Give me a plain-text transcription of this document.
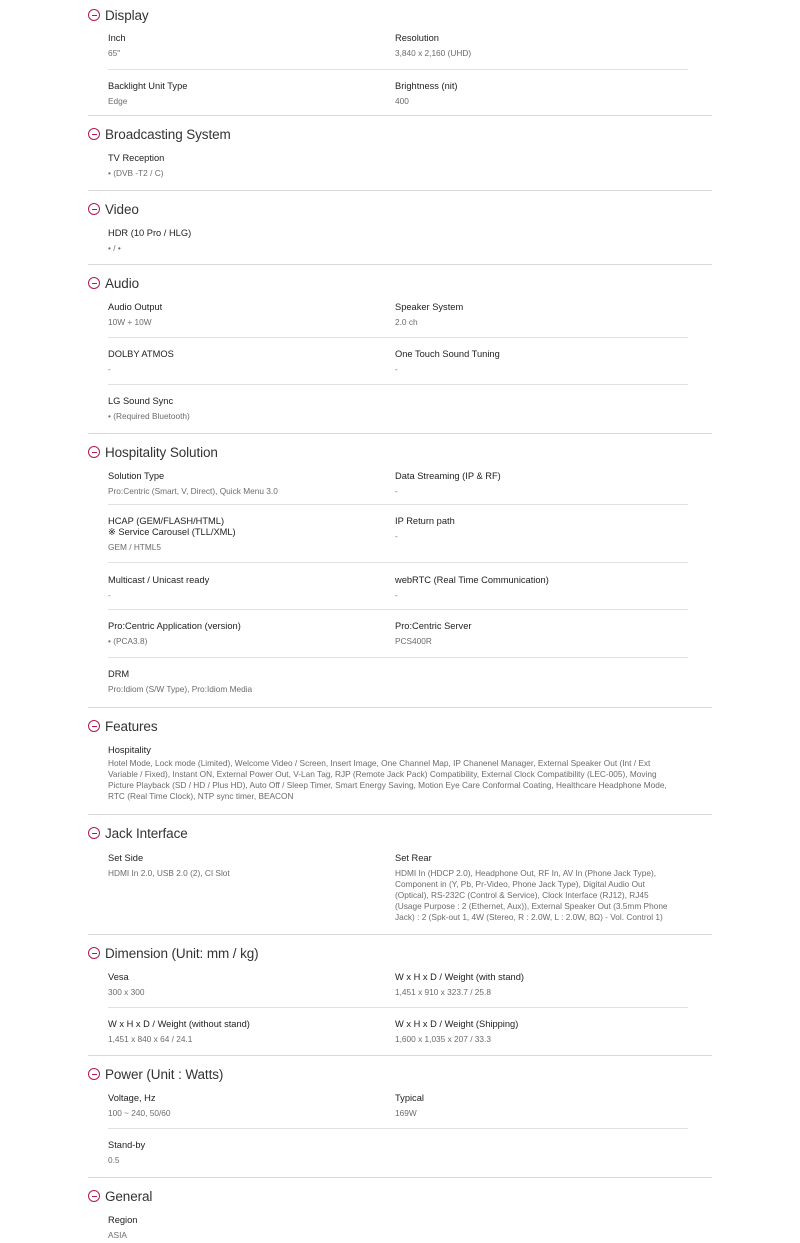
Display
Inch
65"
Resolution
3,840 x 2,160 (UHD)
Backlight Unit Type
Edge
Brightness (nit)
400
Broadcasting System
TV Reception
• (DVB -T2 / C)
Video
HDR (10 Pro / HLG)
• / •
Audio
Audio Output
10W + 10W
Speaker System
2.0 ch
DOLBY ATMOS
-
One Touch Sound Tuning
-
LG Sound Sync
• (Required Bluetooth)
Hospitality Solution
Solution Type
Pro:Centric (Smart, V, Direct), Quick Menu 3.0
Data Streaming (IP & RF)
-
HCAP (GEM/FLASH/HTML)
※ Service Carousel (TLL/XML)
GEM / HTML5
IP Return path
-
Multicast / Unicast ready
-
webRTC (Real Time Communication)
-
Pro:Centric Application (version)
• (PCA3.8)
Pro:Centric Server
PCS400R
DRM
Pro:Idiom (S/W Type), Pro:Idiom Media
Features
Hospitality
Hotel Mode, Lock mode (Limited), Welcome Video / Screen, Insert Image, One Channel Map, IP Chanenel Manager, External Speaker Out (Int / Ext Variable / Fixed), Instant ON, External Power Out, V-Lan Tag, RJP (Remote Jack Pack) Compatibility, External Clock Compatibility (LEC-005), Moving Picture Playback (SD / HD / Plus HD), Auto Off / Sleep Timer, Smart Energy Saving, Motion Eye Care Conformal Coating, Healthcare Headphone Mode, RTC (Real Time Clock), NTP sync timer, BEACON
Jack Interface
Set Side
HDMI In 2.0, USB 2.0 (2), CI Slot
Set Rear
HDMI In (HDCP 2.0), Headphone Out, RF In, AV In (Phone Jack Type), Component in (Y, Pb, Pr-Video, Phone Jack Type), Digital Audio Out (Optical), RS-232C (Control & Service), Clock Interface (RJ12), RJ45 (Usage Purpose : 2 (Ethernet, Aux)), External Speaker Out (3.5mm Phone Jack) : 2 (Spk-out 1, 4W (Stereo, R : 2.0W, L : 2.0W, 8Ω) - Vol. Control 1)
Dimension (Unit: mm / kg)
Vesa
300 x 300
W x H x D / Weight (with stand)
1,451 x 910 x 323.7 / 25.8
W x H x D / Weight (without stand)
1,451 x 840 x 64 / 24.1
W x H x D / Weight (Shipping)
1,600 x 1,035 x 207 / 33.3
Power (Unit : Watts)
Voltage, Hz
100 ~ 240, 50/60
Typical
169W
Stand-by
0.5
General
Region
ASIA
